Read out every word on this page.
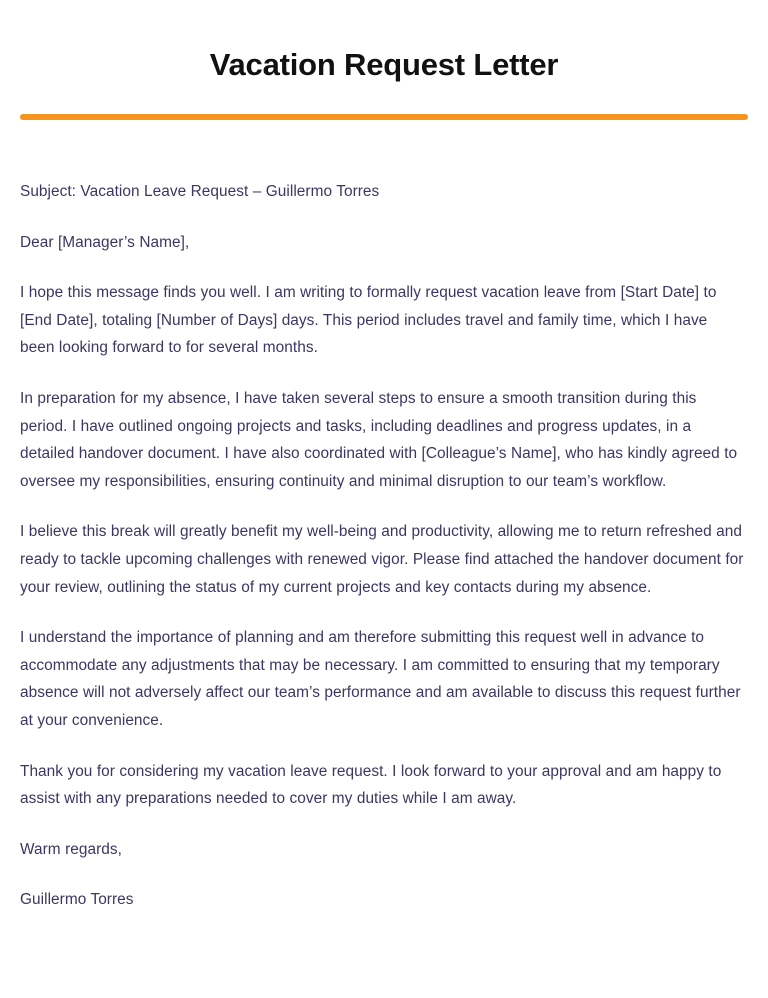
Vacation Request Letter

Subject: Vacation Leave Request – Guillermo Torres

Dear [Manager’s Name],

I hope this message finds you well. I am writing to formally request vacation leave from [Start Date] to [End Date], totaling [Number of Days] days. This period includes travel and family time, which I have been looking forward to for several months.

In preparation for my absence, I have taken several steps to ensure a smooth transition during this period. I have outlined ongoing projects and tasks, including deadlines and progress updates, in a detailed handover document. I have also coordinated with [Colleague’s Name], who has kindly agreed to oversee my responsibilities, ensuring continuity and minimal disruption to our team’s workflow.

I believe this break will greatly benefit my well-being and productivity, allowing me to return refreshed and ready to tackle upcoming challenges with renewed vigor. Please find attached the handover document for your review, outlining the status of my current projects and key contacts during my absence.

I understand the importance of planning and am therefore submitting this request well in advance to accommodate any adjustments that may be necessary. I am committed to ensuring that my temporary absence will not adversely affect our team’s performance and am available to discuss this request further at your convenience.

Thank you for considering my vacation leave request. I look forward to your approval and am happy to assist with any preparations needed to cover my duties while I am away.

Warm regards,

Guillermo Torres
